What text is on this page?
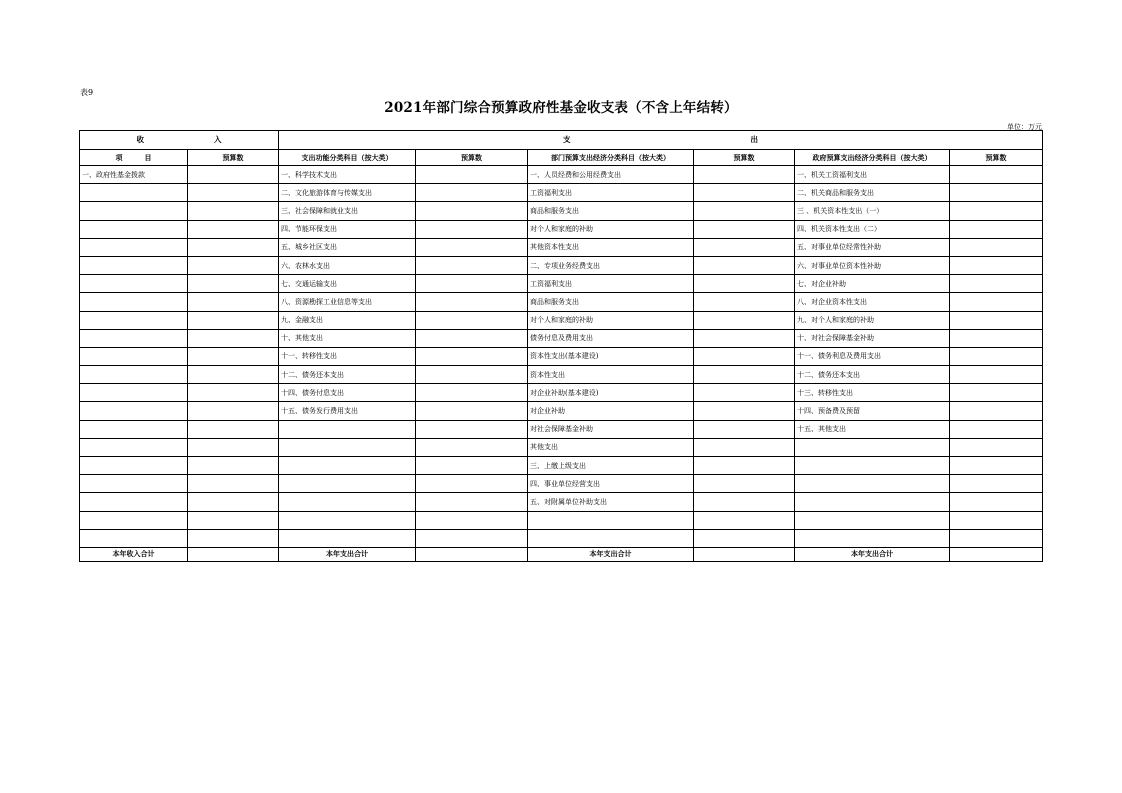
表9
2021年部门综合预算政府性基金收支表（不含上年结转）
单位：万元
收 入		支 出					
项 目	预算数	支出功能分类科目（按大类）	预算数	部门预算支出经济分类科目（按大类）	预算数	政府预算支出经济分类科目（按大类）	预算数
一、政府性基金拨款		一、科学技术支出		一、人员经费和公用经费支出		一、机关工资福利支出	
		二、文化旅游体育与传媒支出		工资福利支出		二、机关商品和服务支出	
		三、社会保障和就业支出		商品和服务支出		三 、机关资本性支出（一）	
		四、节能环保支出		对个人和家庭的补助		四、机关资本性支出（二）	
		五、城乡社区支出		其他资本性支出		五、对事业单位经常性补助	
		六、农林水支出		二、专项业务经费支出		六、对事业单位资本性补助	
		七、交通运输支出		工资福利支出		七、对企业补助	
		八、资源勘探工业信息等支出		商品和服务支出		八、对企业资本性支出	
		九、金融支出		对个人和家庭的补助		九、对个人和家庭的补助	
		十、其他支出		债务付息及费用支出		十、对社会保障基金补助	
		十一、转移性支出		资本性支出(基本建设)		十一、债务利息及费用支出	
		十二、债务还本支出		资本性支出		十二、债务还本支出	
		十四、债务付息支出		对企业补助(基本建设)		十三、转移性支出	
		十五、债务发行费用支出		对企业补助		十四、预备费及预留	
				对社会保障基金补助		十五、其他支出	
				其他支出			
				三、上缴上级支出			
				四、事业单位经营支出			
				五、对附属单位补助支出			

本年收入合计		本年支出合计		本年支出合计		本年支出合计	
